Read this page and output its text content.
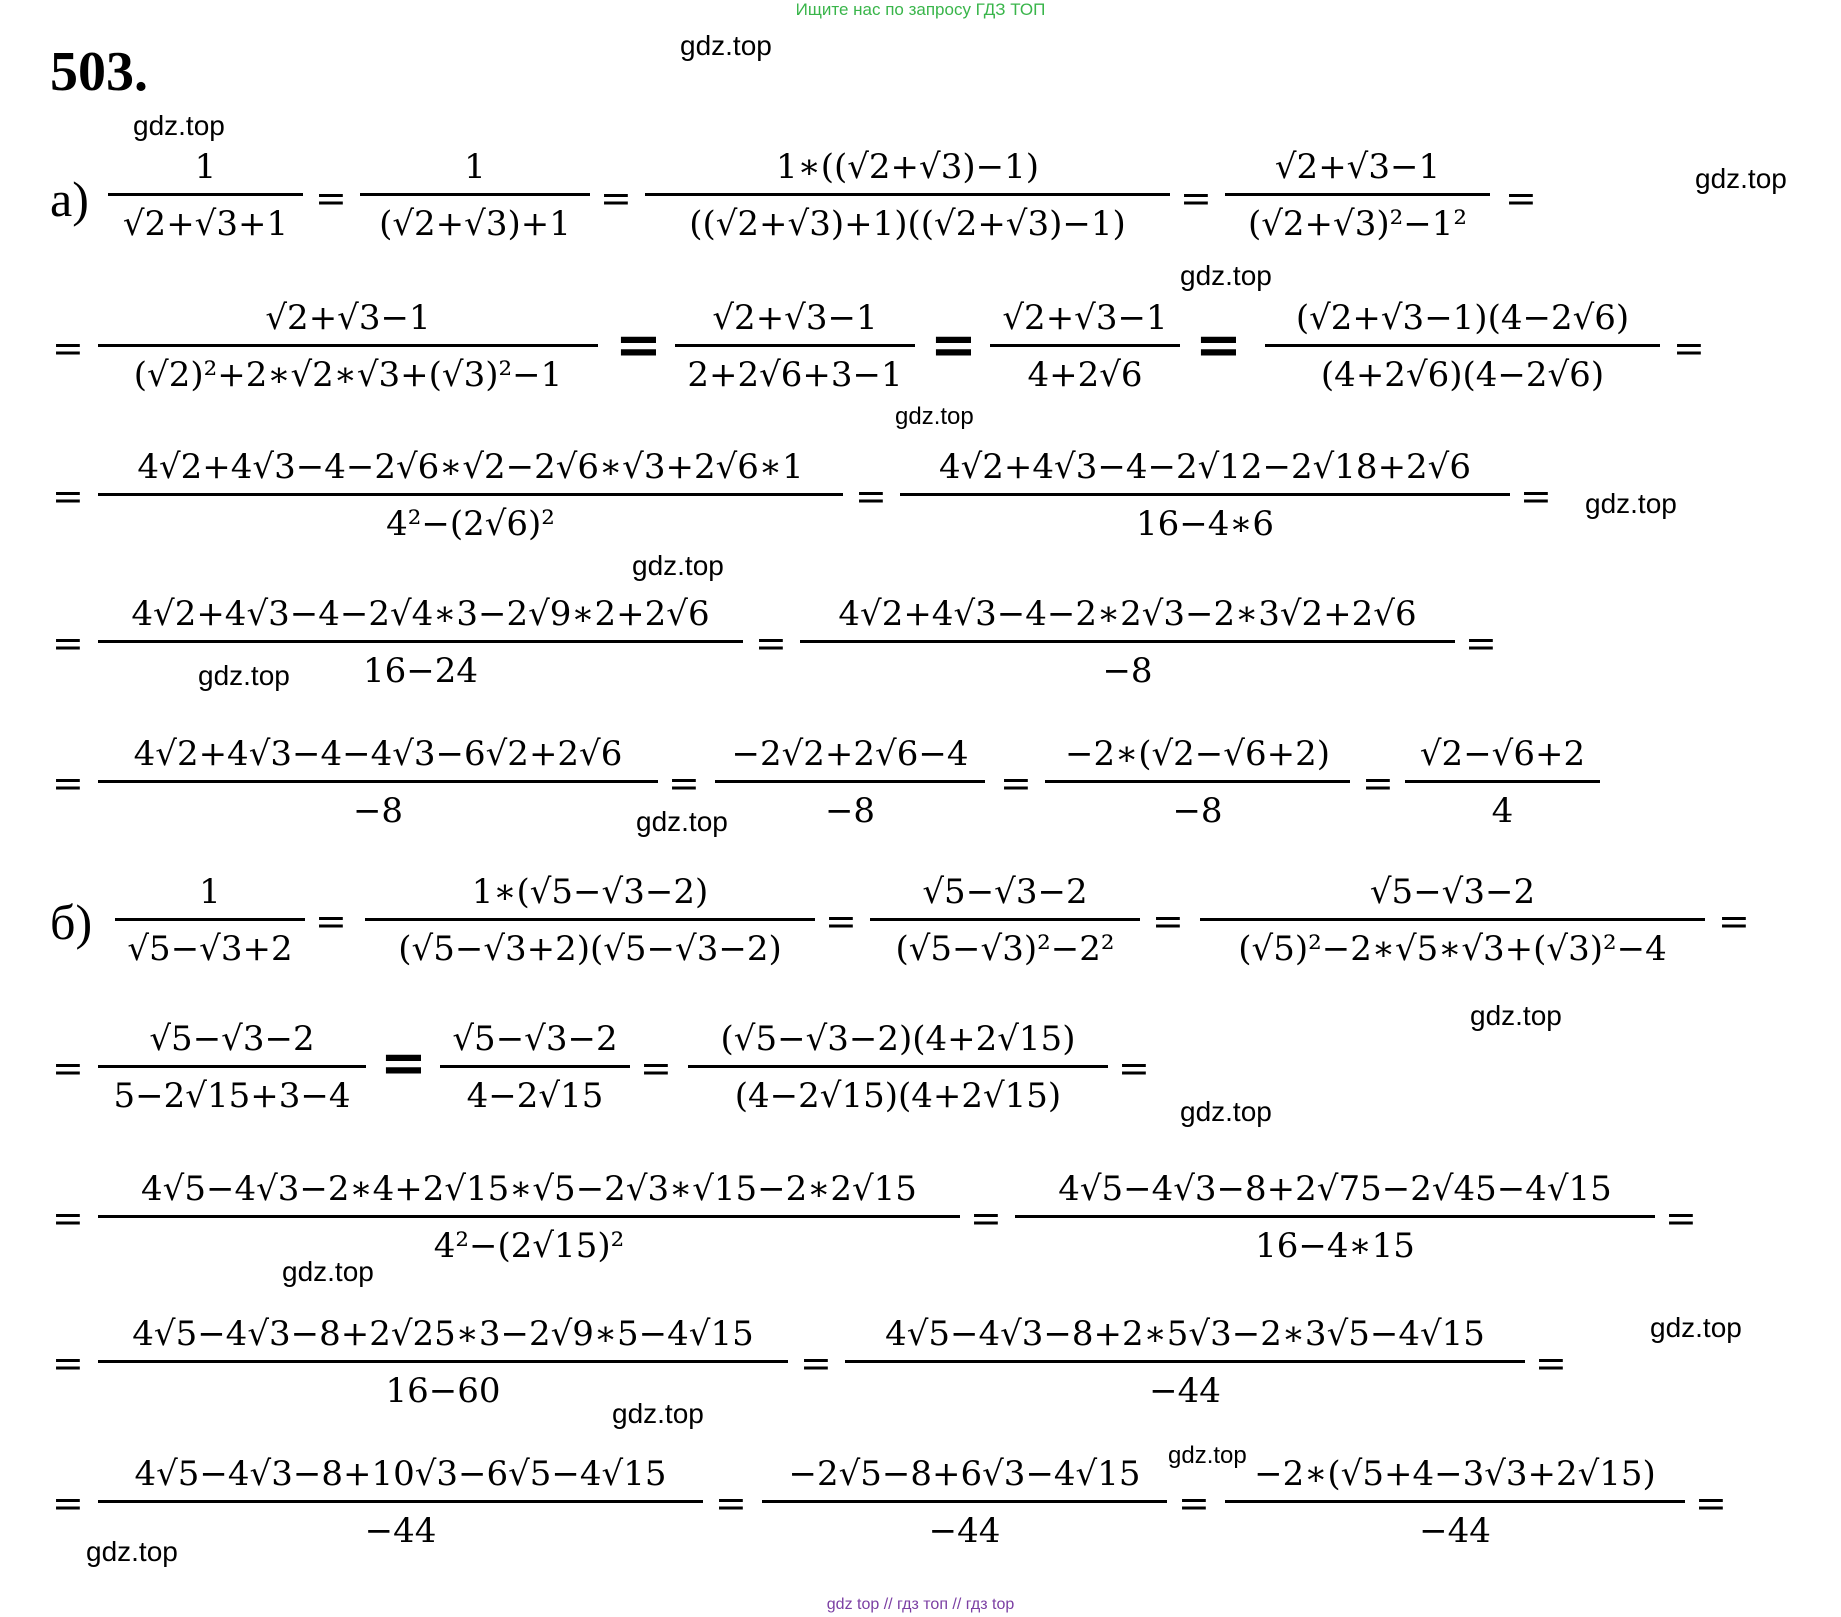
Ищите нас по запросу ГДЗ ТОП
gdz top // гдз топ // гдз top
503.
а)
б)
1
√2+√3+1
=
1
(√2+√3)+1
=
1∗((√2+√3)−1)
((√2+√3)+1)((√2+√3)−1)
=
√2+√3−1
(√2+√3)²−1²
=
=
√2+√3−1
(√2)²+2∗√2∗√3+(√3)²−1 = √2+√3−1
2+2√6+3−1 = √2+√3−1
4+2√6 = (√2+√3−1)(4−2√6)
(4+2√6)(4−2√6)
=
=
4√2+4√3−4−2√6∗√2−2√6∗√3+2√6∗1
4²−(2√6)²
=
4√2+4√3−4−2√12−2√18+2√6
16−4∗6
=
=
4√2+4√3−4−2√4∗3−2√9∗2+2√6
16−24
=
4√2+4√3−4−2∗2√3−2∗3√2+2√6
−8
=
=
4√2+4√3−4−4√3−6√2+2√6
−8
=
−2√2+2√6−4
−8
=
−2∗(√2−√6+2)
−8
=
√2−√6+2
4
1
√5−√3+2
=
1∗(√5−√3−2)
(√5−√3+2)(√5−√3−2)
=
√5−√3−2
(√5−√3)²−2²
=
√5−√3−2
(√5)²−2∗√5∗√3+(√3)²−4
=
=
√5−√3−2
5−2√15+3−4 = √5−√3−2
4−2√15
=
(√5−√3−2)(4+2√15)
(4−2√15)(4+2√15)
=
=
4√5−4√3−2∗4+2√15∗√5−2√3∗√15−2∗2√15
4²−(2√15)²
=
4√5−4√3−8+2√75−2√45−4√15
16−4∗15
=
=
4√5−4√3−8+2√25∗3−2√9∗5−4√15
16−60
=
4√5−4√3−8+2∗5√3−2∗3√5−4√15
−44
=
=
4√5−4√3−8+10√3−6√5−4√15
−44
=
−2√5−8+6√3−4√15
−44
=
−2∗(√5+4−3√3+2√15)
−44
=
gdz.top
gdz.top
gdz.top
gdz.top
gdz.top
gdz.top
gdz.top
gdz.top
gdz.top
gdz.top
gdz.top
gdz.top
gdz.top
gdz.top
gdz.top
gdz.top
